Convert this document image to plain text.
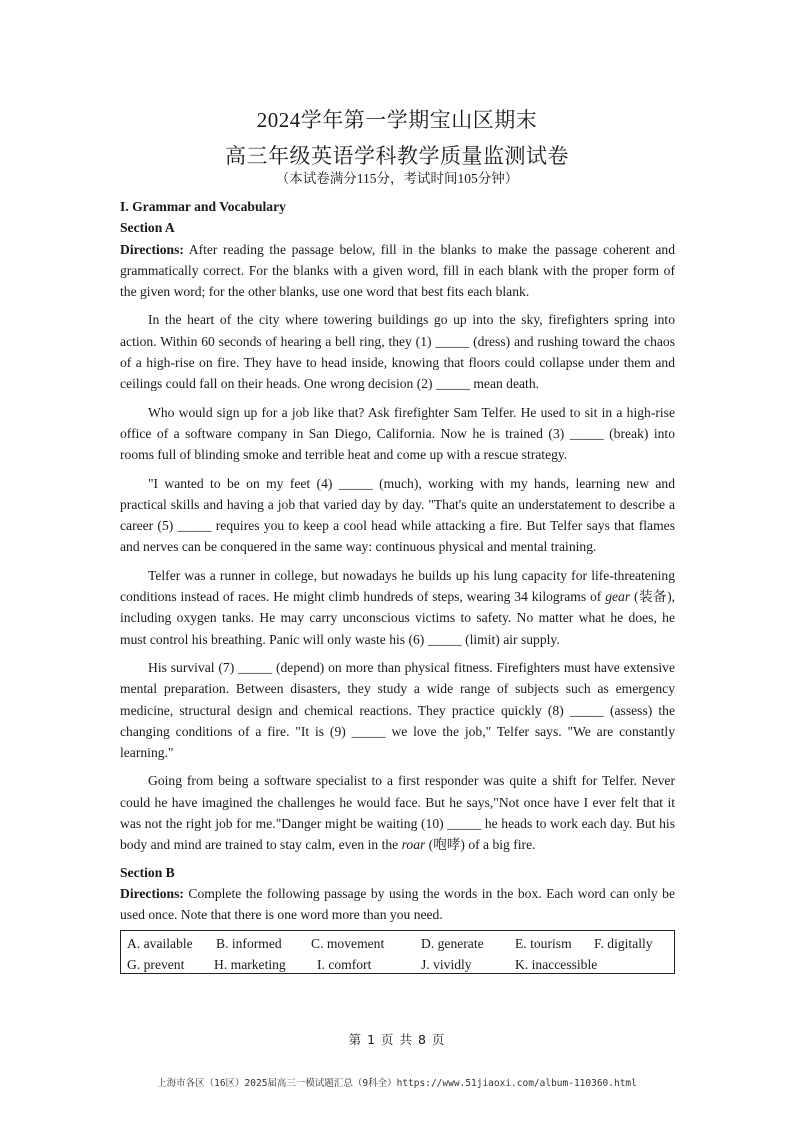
2024学年第一学期宝山区期末
高三年级英语学科教学质量监测试卷
（本试卷满分115分，考试时间105分钟）

I. Grammar and Vocabulary

Section A

Directions: After reading the passage below, fill in the blanks to make the passage coherent and grammatically correct. For the blanks with a given word, fill in each blank with the proper form of the given word; for the other blanks, use one word that best fits each blank.

In the heart of the city where towering buildings go up into the sky, firefighters spring into action. Within 60 seconds of hearing a bell ring, they (1) _____ (dress) and rushing toward the chaos of a high-rise on fire. They have to head inside, knowing that floors could collapse under them and ceilings could fall on their heads. One wrong decision (2) _____ mean death.

Who would sign up for a job like that? Ask firefighter Sam Telfer. He used to sit in a high-rise office of a software company in San Diego, California. Now he is trained (3) _____ (break) into rooms full of blinding smoke and terrible heat and come up with a rescue strategy.

"I wanted to be on my feet (4) _____ (much), working with my hands, learning new and practical skills and having a job that varied day by day. "That's quite an understatement to describe a career (5) _____ requires you to keep a cool head while attacking a fire. But Telfer says that flames and nerves can be conquered in the same way: continuous physical and mental training.

Telfer was a runner in college, but nowadays he builds up his lung capacity for life-threatening conditions instead of races. He might climb hundreds of steps, wearing 34 kilograms of gear (装备), including oxygen tanks. He may carry unconscious victims to safety. No matter what he does, he must control his breathing. Panic will only waste his (6) _____ (limit) air supply.

His survival (7) _____ (depend) on more than physical fitness. Firefighters must have extensive mental preparation. Between disasters, they study a wide range of subjects such as emergency medicine, structural design and chemical reactions. They practice quickly (8) _____ (assess) the changing conditions of a fire. "It is (9) _____ we love the job," Telfer says. "We are constantly learning."

Going from being a software specialist to a first responder was quite a shift for Telfer. Never could he have imagined the challenges he would face. But he says,"Not once have I ever felt that it was not the right job for me."Danger might be waiting (10) _____ he heads to work each day. But his body and mind are trained to stay calm, even in the roar (咆哮) of a big fire.

Section B

Directions: Complete the following passage by using the words in the box. Each word can only be used once. Note that there is one word more than you need.

A. available B. informed C. movement	D. generate E. tourism F. digitally
G. prevent H. marketing I. comfort	J. vividly	K. inaccessible
第 1 页 共 8 页
上海市各区（16区）2025届高三一模试题汇总（9科全）https://www.51jiaoxi.com/album-110360.html
